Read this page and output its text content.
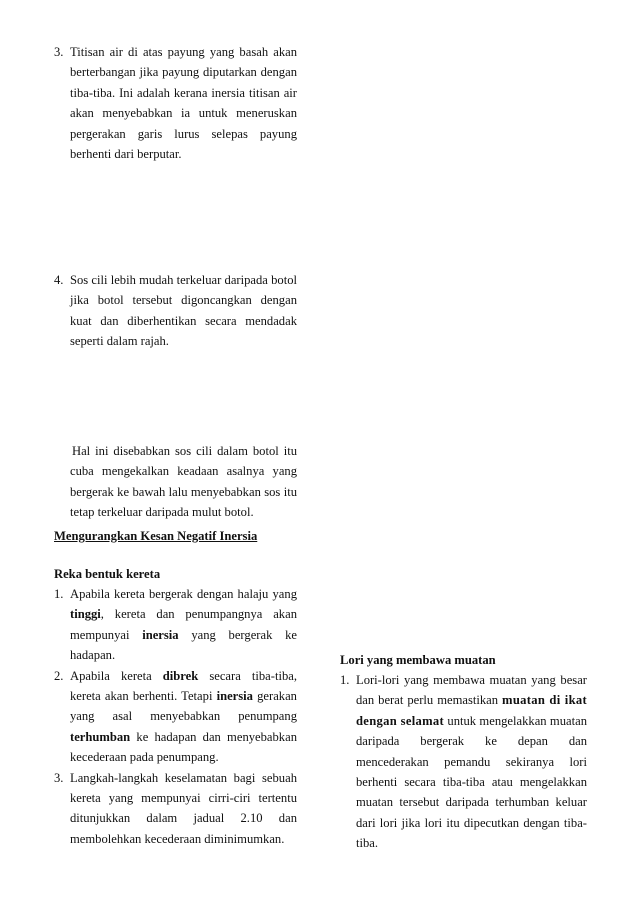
3. Titisan air di atas payung yang basah akan berterbangan jika payung diputarkan dengan tiba-tiba. Ini adalah kerana inersia titisan air akan menyebabkan ia untuk meneruskan pergerakan garis lurus selepas payung berhenti dari berputar.
4. Sos cili lebih mudah terkeluar daripada botol jika botol tersebut digoncangkan dengan kuat dan diberhentikan secara mendadak seperti dalam rajah.
Hal ini disebabkan sos cili dalam botol itu cuba mengekalkan keadaan asalnya yang bergerak ke bawah lalu menyebabkan sos itu tetap terkeluar daripada mulut botol.
Mengurangkan Kesan Negatif Inersia
Reka bentuk kereta
1. Apabila kereta bergerak dengan halaju yang tinggi, kereta dan penumpangnya akan mempunyai inersia yang bergerak ke hadapan.
2. Apabila kereta dibrek secara tiba-tiba, kereta akan berhenti. Tetapi inersia gerakan yang asal menyebabkan penumpang terhumban ke hadapan dan menyebabkan kecederaan pada penumpang.
3. Langkah-langkah keselamatan bagi sebuah kereta yang mempunyai cirri-ciri tertentu ditunjukkan dalam jadual 2.10 dan membolehkan kecederaan diminimumkan.
Lori yang membawa muatan
1. Lori-lori yang membawa muatan yang besar dan berat perlu memastikan muatan di ikat dengan selamat untuk mengelakkan muatan daripada bergerak ke depan dan mencederakan pemandu sekiranya lori berhenti secara tiba-tiba atau mengelakkan muatan tersebut daripada terhumban keluar dari lori jika lori itu dipecutkan dengan tiba-tiba.
